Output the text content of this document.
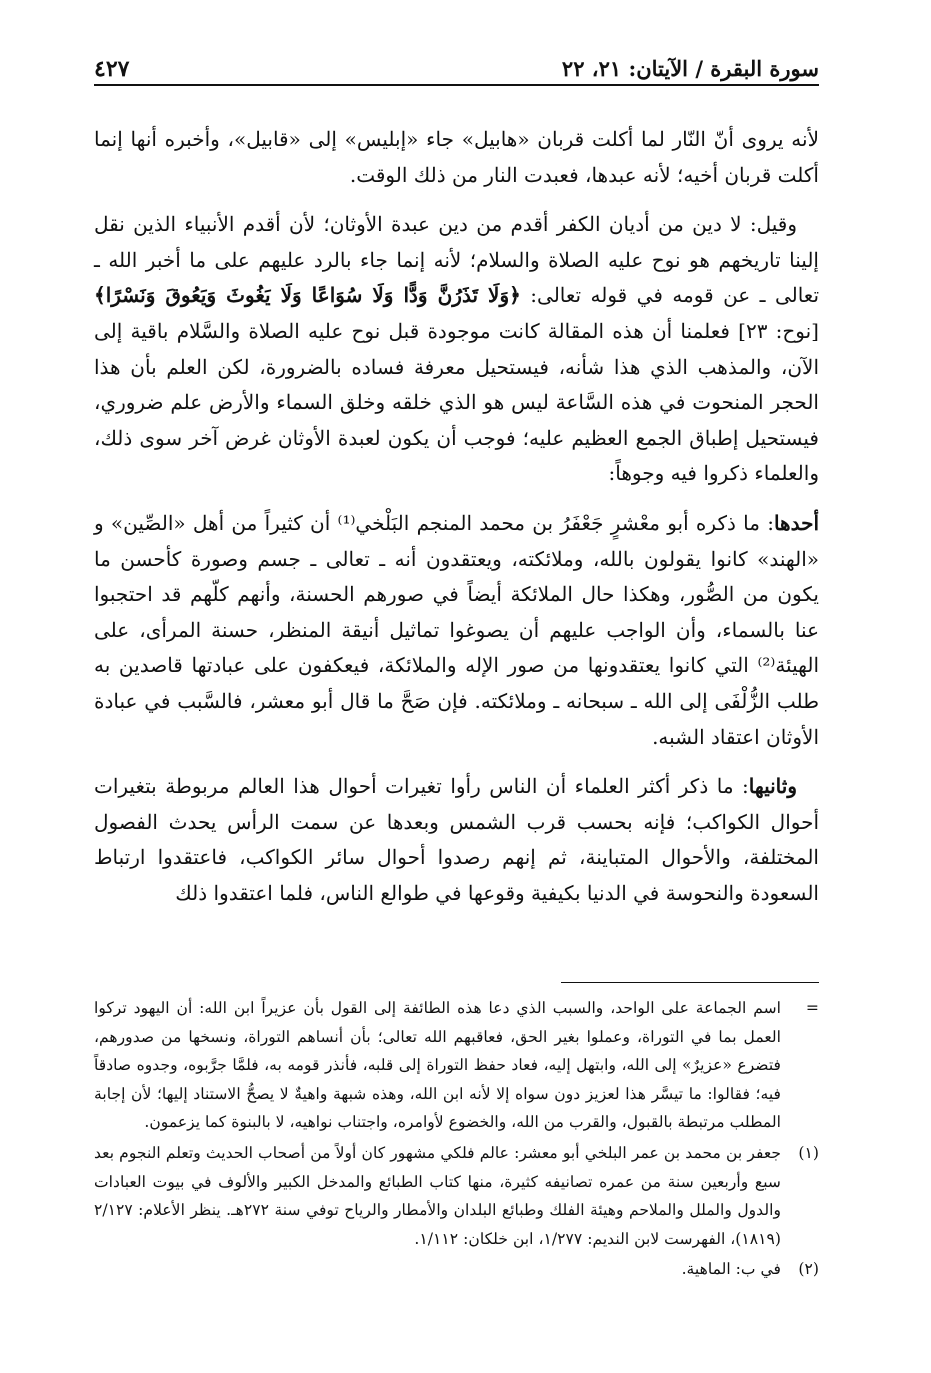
سورة البقرة / الآيتان: ٢١، ٢٢
٤٢٧

لأنه يروى أنّ النّار لما أكلت قربان «هابيل» جاء «إبليس» إلى «قابيل»، وأخبره أنها إنما أكلت قربان أخيه؛ لأنه عبدها، فعبدت النار من ذلك الوقت.

وقيل: لا دين من أديان الكفر أقدم من دين عبدة الأوثان؛ لأن أقدم الأنبياء الذين نقل إلينا تاريخهم هو نوح عليه الصلاة والسلام؛ لأنه إنما جاء بالرد عليهم على ما أخبر الله ـ تعالى ـ عن قومه في قوله تعالى: ﴿وَلَا تَذَرُنَّ وَدًّا وَلَا سُوَاعًا وَلَا يَغُوثَ وَيَعُوقَ وَنَسْرًا﴾ [نوح: ٢٣] فعلمنا أن هذه المقالة كانت موجودة قبل نوح عليه الصلاة والسَّلام باقية إلى الآن، والمذهب الذي هذا شأنه، فيستحيل معرفة فساده بالضرورة، لكن العلم بأن هذا الحجر المنحوت في هذه السَّاعة ليس هو الذي خلقه وخلق السماء والأرض علم ضروري، فيستحيل إطباق الجمع العظيم عليه؛ فوجب أن يكون لعبدة الأوثان غرض آخر سوى ذلك، والعلماء ذكروا فيه وجوهاً:

أحدها: ما ذكره أبو معْشرٍ جَعْفَرُ بن محمد المنجم البَلْخي⁽¹⁾ أن كثيراً من أهل «الصِّين» و «الهند» كانوا يقولون بالله، وملائكته، ويعتقدون أنه ـ تعالى ـ جسم وصورة كأحسن ما يكون من الصُّور، وهكذا حال الملائكة أيضاً في صورهم الحسنة، وأنهم كلّهم قد احتجبوا عنا بالسماء، وأن الواجب عليهم أن يصوغوا تماثيل أنيقة المنظر، حسنة المرأى، على الهيئة⁽²⁾ التي كانوا يعتقدونها من صور الإله والملائكة، فيعكفون على عبادتها قاصدين به طلب الزُّلْفَى إلى الله ـ سبحانه ـ وملائكته. فإن صَحَّ ما قال أبو معشر، فالسَّبب في عبادة الأوثان اعتقاد الشبه.

وثانيها: ما ذكر أكثر العلماء أن الناس رأوا تغيرات أحوال هذا العالم مربوطة بتغيرات أحوال الكواكب؛ فإنه بحسب قرب الشمس وبعدها عن سمت الرأس يحدث الفصول المختلفة، والأحوال المتباينة، ثم إنهم رصدوا أحوال سائر الكواكب، فاعتقدوا ارتباط السعودة والنحوسة في الدنيا بكيفية وقوعها في طوالع الناس، فلما اعتقدوا ذلك

=
اسم الجماعة على الواحد، والسبب الذي دعا هذه الطائفة إلى القول بأن عزيراً ابن الله: أن اليهود تركوا العمل بما في التوراة، وعملوا بغير الحق، فعاقبهم الله تعالى؛ بأن أنساهم التوراة، ونسخها من صدورهم، فتضرع «عزيرٌ» إلى الله، وابتهل إليه، فعاد حفظ التوراة إلى قلبه، فأنذر قومه به، فلمَّا جرَّبوه، وجدوه صادقاً فيه؛ فقالوا: ما تيسَّر هذا لعزيز دون سواه إلا لأنه ابن الله، وهذه شبهة واهيةٌ لا يصحُّ الاستناد إليها؛ لأن إجابة المطلب مرتبطة بالقبول، والقرب من الله، والخضوع لأوامره، واجتناب نواهيه، لا بالبنوة كما يزعمون.
(١)
جعفر بن محمد بن عمر البلخي أبو معشر: عالم فلكي مشهور كان أولاً من أصحاب الحديث وتعلم النجوم بعد سبع وأربعين سنة من عمره تصانيفه كثيرة، منها كتاب الطبائع والمدخل الكبير والألوف في بيوت العبادات والدول والملل والملاحم وهيئة الفلك وطبائع البلدان والأمطار والرياح توفي سنة ٢٧٢هـ. ينظر الأعلام: ٢/١٢٧ (١٨١٩)، الفهرست لابن النديم: ١/٢٧٧، ابن خلكان: ١/١١٢.
(٢)
في ب: الماهية.
